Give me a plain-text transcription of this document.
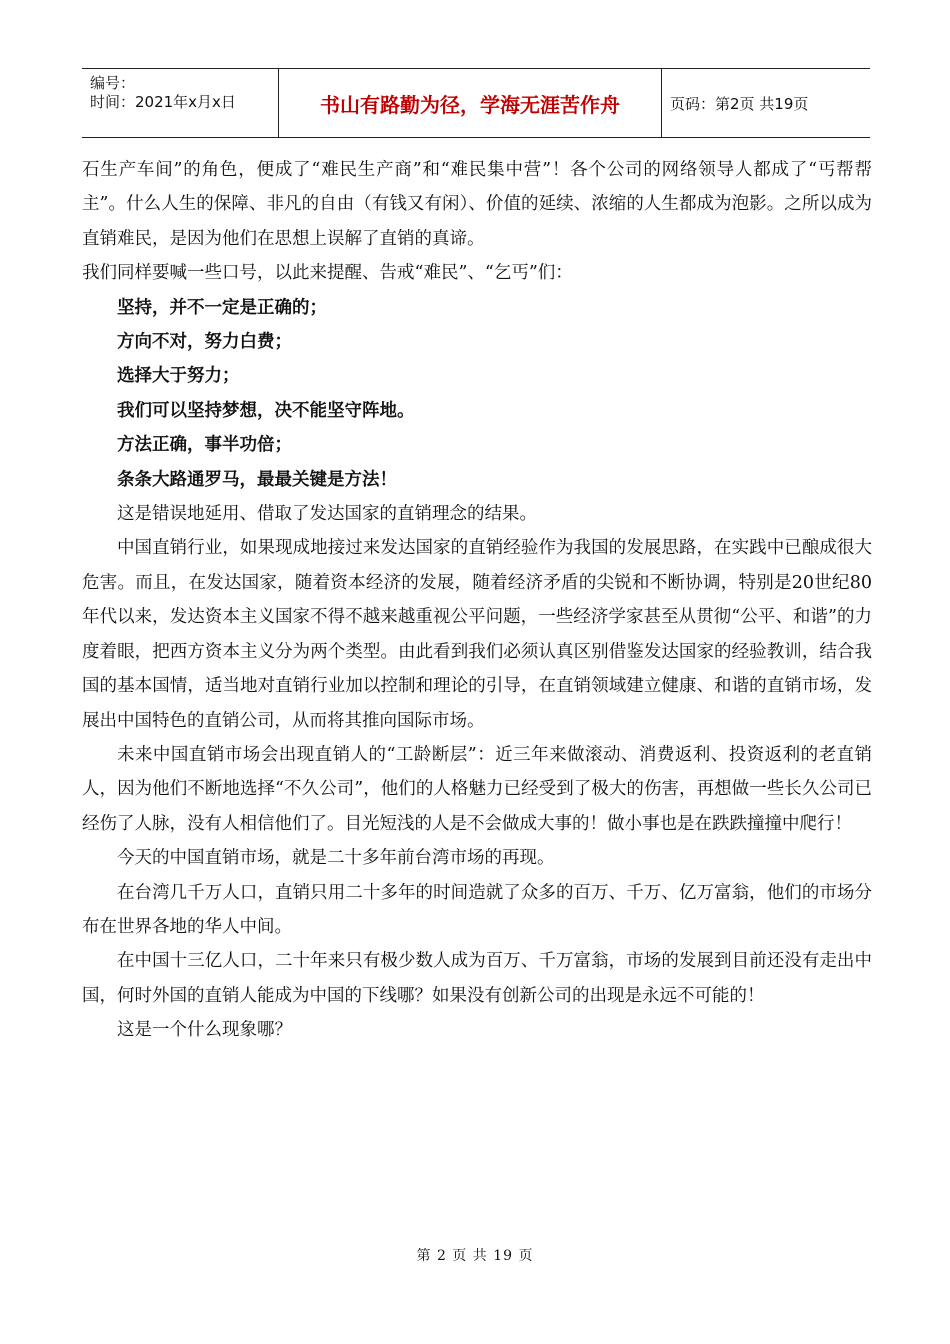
编号：
时间：2021年x月x日	书山有路勤为径，学海无涯苦作舟	页码：第2页 共19页

石生产车间”的角色，便成了“难民生产商”和“难民集中营”！各个公司的网络领导人都成了“丐帮帮主”。什么人生的保障、非凡的自由（有钱又有闲）、价值的延续、浓缩的人生都成为泡影。之所以成为直销难民，是因为他们在思想上误解了直销的真谛。

我们同样要喊一些口号，以此来提醒、告戒“难民”、“乞丐”们：

坚持，并不一定是正确的；

方向不对，努力白费；

选择大于努力；

我们可以坚持梦想，决不能坚守阵地。

方法正确，事半功倍；

条条大路通罗马，最最关键是方法！

这是错误地延用、借取了发达国家的直销理念的结果。

中国直销行业，如果现成地接过来发达国家的直销经验作为我国的发展思路，在实践中已酿成很大危害。而且，在发达国家，随着资本经济的发展，随着经济矛盾的尖锐和不断协调，特别是20世纪80年代以来，发达资本主义国家不得不越来越重视公平问题，一些经济学家甚至从贯彻“公平、和谐”的力度着眼，把西方资本主义分为两个类型。由此看到我们必须认真区别借鉴发达国家的经验教训，结合我国的基本国情，适当地对直销行业加以控制和理论的引导，在直销领域建立健康、和谐的直销市场，发展出中国特色的直销公司，从而将其推向国际市场。

未来中国直销市场会出现直销人的“工龄断层”：近三年来做滚动、消费返利、投资返利的老直销人，因为他们不断地选择“不久公司”，他们的人格魅力已经受到了极大的伤害，再想做一些长久公司已经伤了人脉，没有人相信他们了。目光短浅的人是不会做成大事的！做小事也是在跌跌撞撞中爬行！

今天的中国直销市场，就是二十多年前台湾市场的再现。

在台湾几千万人口，直销只用二十多年的时间造就了众多的百万、千万、亿万富翁，他们的市场分布在世界各地的华人中间。

在中国十三亿人口，二十年来只有极少数人成为百万、千万富翁，市场的发展到目前还没有走出中国，何时外国的直销人能成为中国的下线哪？如果没有创新公司的出现是永远不可能的！

这是一个什么现象哪？

第 2 页 共 19 页
